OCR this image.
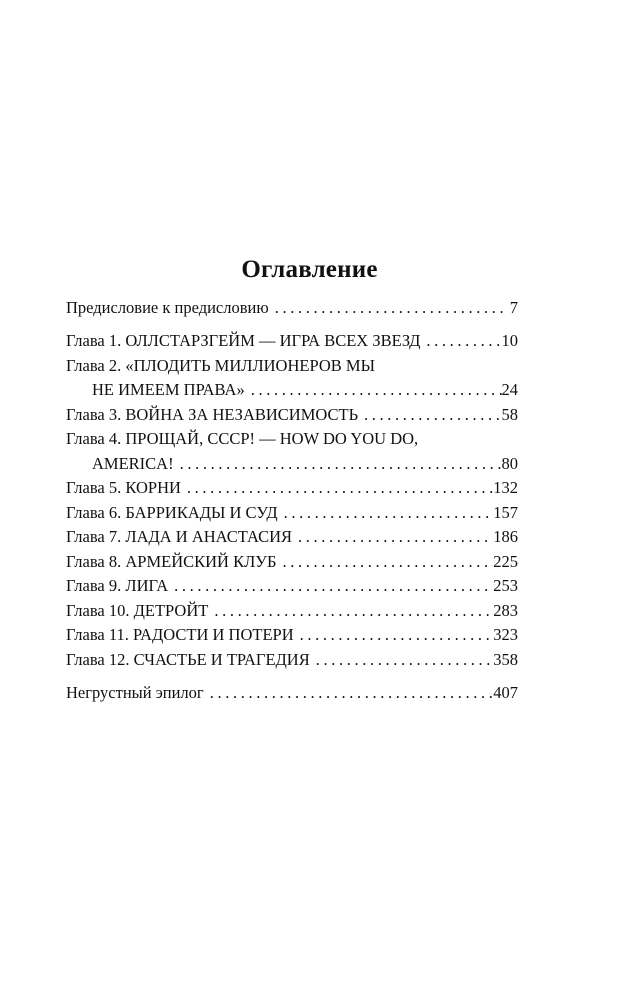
Оглавление
Предисловие к предисловию . . .	7
Глава 1. ОЛЛСТАРЗГЕЙМ — ИГРА ВСЕХ ЗВЕЗД . . .	10
Глава 2. «ПЛОДИТЬ МИЛЛИОНЕРОВ МЫ
НЕ ИМЕЕМ ПРАВА» . . .	24
Глава 3. ВОЙНА ЗА НЕЗАВИСИМОСТЬ . . .	58
Глава 4. ПРОЩАЙ, СССР! — HOW DO YOU DO,
AMERICA! . . .	80
Глава 5. КОРНИ . . .	132
Глава 6. БАРРИКАДЫ И СУД . . .	157
Глава 7. ЛАДА И АНАСТАСИЯ . . .	186
Глава 8. АРМЕЙСКИЙ КЛУБ . . .	225
Глава 9. ЛИГА . . .	253
Глава 10. ДЕТРОЙТ . . .	283
Глава 11. РАДОСТИ И ПОТЕРИ . . .	323
Глава 12. СЧАСТЬЕ И ТРАГЕДИЯ . . .	358
Негрустный эпилог . . .	407
